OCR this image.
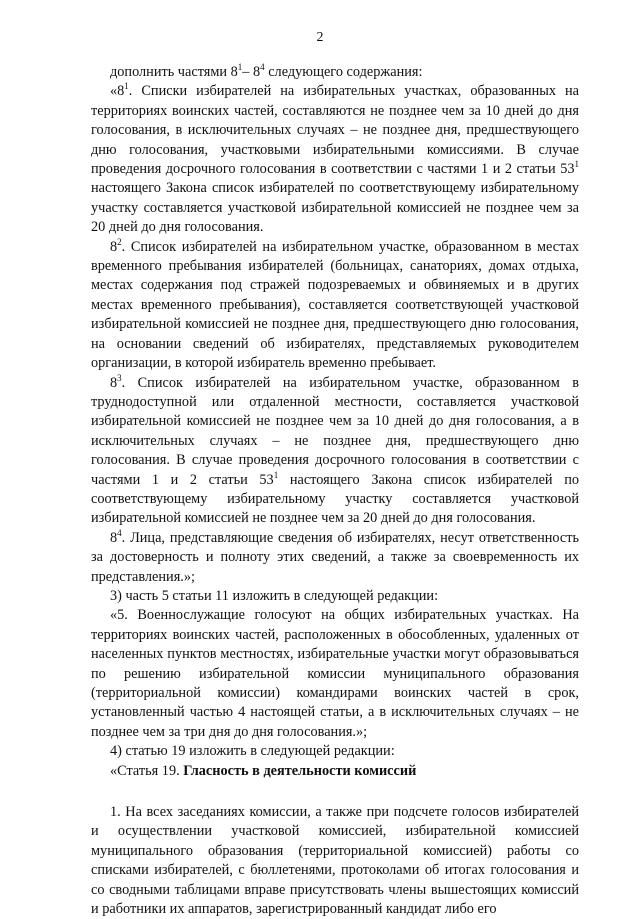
2

дополнить частями $8^1-$ $8^4$ следующего содержания:

«$8^1$. Списки избирателей на избирательных участках, образованных на территориях воинских частей, составляются не позднее чем за 10 дней до дня голосования, в исключительных случаях – не позднее дня, предшествующего дню голосования, участковыми избирательными комиссиями. В случае проведения досрочного голосования в соответствии с частями 1 и 2 статьи $53^1$ настоящего Закона список избирателей по соответствующему избирательному участку составляется участковой избирательной комиссией не позднее чем за 20 дней до дня голосования.

$8^2$. Список избирателей на избирательном участке, образованном в местах временного пребывания избирателей (больницах, санаториях, домах отдыха, местах содержания под стражей подозреваемых и обвиняемых и в других местах временного пребывания), составляется соответствующей участковой избирательной комиссией не позднее дня, предшествующего дню голосования, на основании сведений об избирателях, представляемых руководителем организации, в которой избиратель временно пребывает.

$8^3$. Список избирателей на избирательном участке, образованном в труднодоступной или отдаленной местности, составляется участковой избирательной комиссией не позднее чем за 10 дней до дня голосования, а в исключительных случаях – не позднее дня, предшествующего дню голосования. В случае проведения досрочного голосования в соответствии с частями 1 и 2 статьи $53^1$ настоящего Закона список избирателей по соответствующему избирательному участку составляется участковой избирательной комиссией не позднее чем за 20 дней до дня голосования.

$8^4$. Лица, представляющие сведения об избирателях, несут ответственность за достоверность и полноту этих сведений, а также за своевременность их представления.»;

3) часть 5 статьи 11 изложить в следующей редакции:

«5. Военнослужащие голосуют на общих избирательных участках. На территориях воинских частей, расположенных в обособленных, удаленных от населенных пунктов местностях, избирательные участки могут образовываться по решению избирательной комиссии муниципального образования (территориальной комиссии) командирами воинских частей в срок, установленный частью 4 настоящей статьи, а в исключительных случаях – не позднее чем за три дня до дня голосования.»;

4) статью 19 изложить в следующей редакции:

«Статья 19. Гласность в деятельности комиссий

1. На всех заседаниях комиссии, а также при подсчете голосов избирателей и осуществлении участковой комиссией, избирательной комиссией муниципального образования (территориальной комиссией) работы со списками избирателей, с бюллетенями, протоколами об итогах голосования и со сводными таблицами вправе присутствовать члены вышестоящих комиссий и работники их аппаратов, зарегистрированный кандидат либо его
